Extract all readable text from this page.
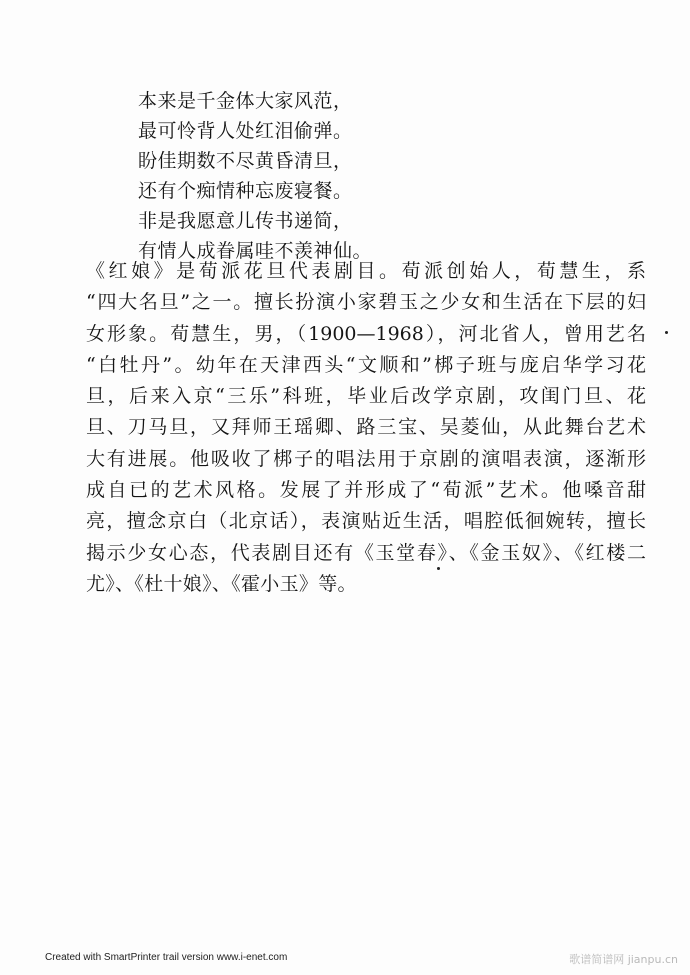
本来是千金体大家风范，
最可怜背人处红泪偷弹。
盼佳期数不尽黄昏清旦，
还有个痴情种忘废寝餐。
非是我愿意儿传书递简，
有情人成眷属哇不羡神仙。
《红娘》是荀派花旦代表剧目。荀派创始人，荀慧生，系
“四大名旦”之一。擅长扮演小家碧玉之少女和生活在下层的妇
女形象。荀慧生，男，（1900—1968），河北省人，曾用艺名
“白牡丹”。幼年在天津西头“文顺和”梆子班与庞启华学习花
旦，后来入京“三乐”科班，毕业后改学京剧，攻闺门旦、花
旦、刀马旦，又拜师王瑶卿、路三宝、吴菱仙，从此舞台艺术
大有进展。他吸收了梆子的唱法用于京剧的演唱表演，逐渐形
成自已的艺术风格。发展了并形成了“荀派”艺术。他嗓音甜
亮，擅念京白（北京话），表演贴近生活，唱腔低徊婉转，擅长
揭示少女心态，代表剧目还有《玉堂春》、《金玉奴》、《红楼二
尤》、《杜十娘》、《霍小玉》等。
Created with SmartPrinter trail version www.i-enet.com	歌谱简谱网 jianpu.cn
